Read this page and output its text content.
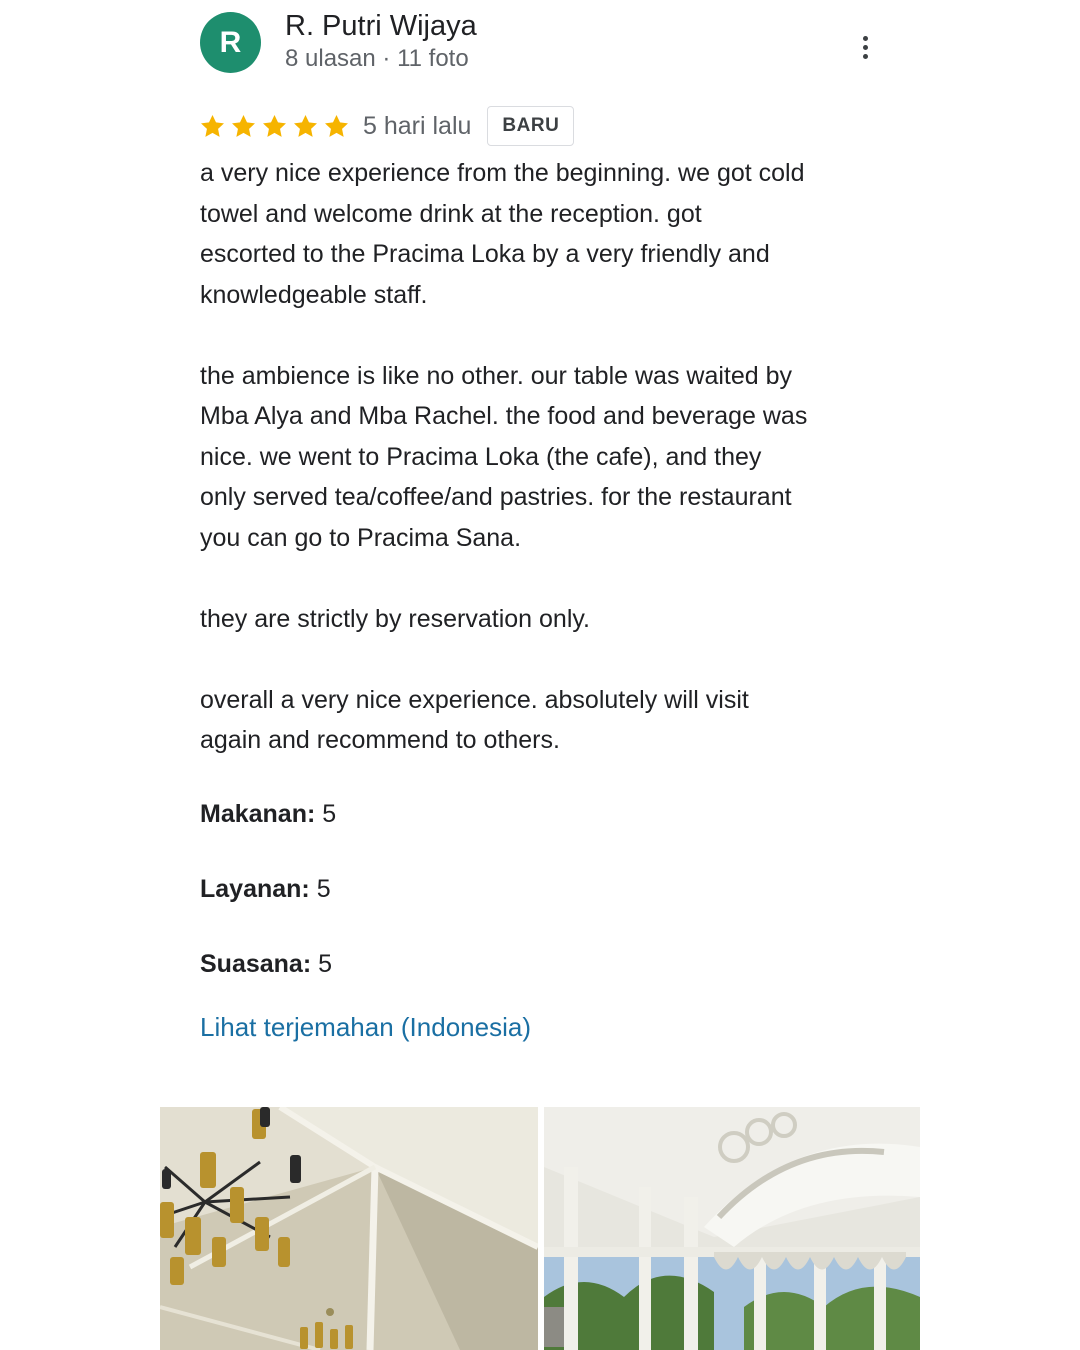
R	R. Putri Wijaya
8 ulasan · 11 foto
5 hari lalu	BARU

a very nice experience from the beginning. we got cold

towel and welcome drink at the reception. got

escorted to the Pracima Loka by a very friendly and

knowledgeable staff.

the ambience is like no other. our table was waited by

Mba Alya and Mba Rachel. the food and beverage was

nice. we went to Pracima Loka (the cafe), and they

only served tea/coffee/and pastries. for the restaurant

you can go to Pracima Sana.

they are strictly by reservation only.

overall a very nice experience. absolutely will visit

again and recommend to others.

Makanan: 5
Layanan: 5
Suasana: 5
Lihat terjemahan (Indonesia)
